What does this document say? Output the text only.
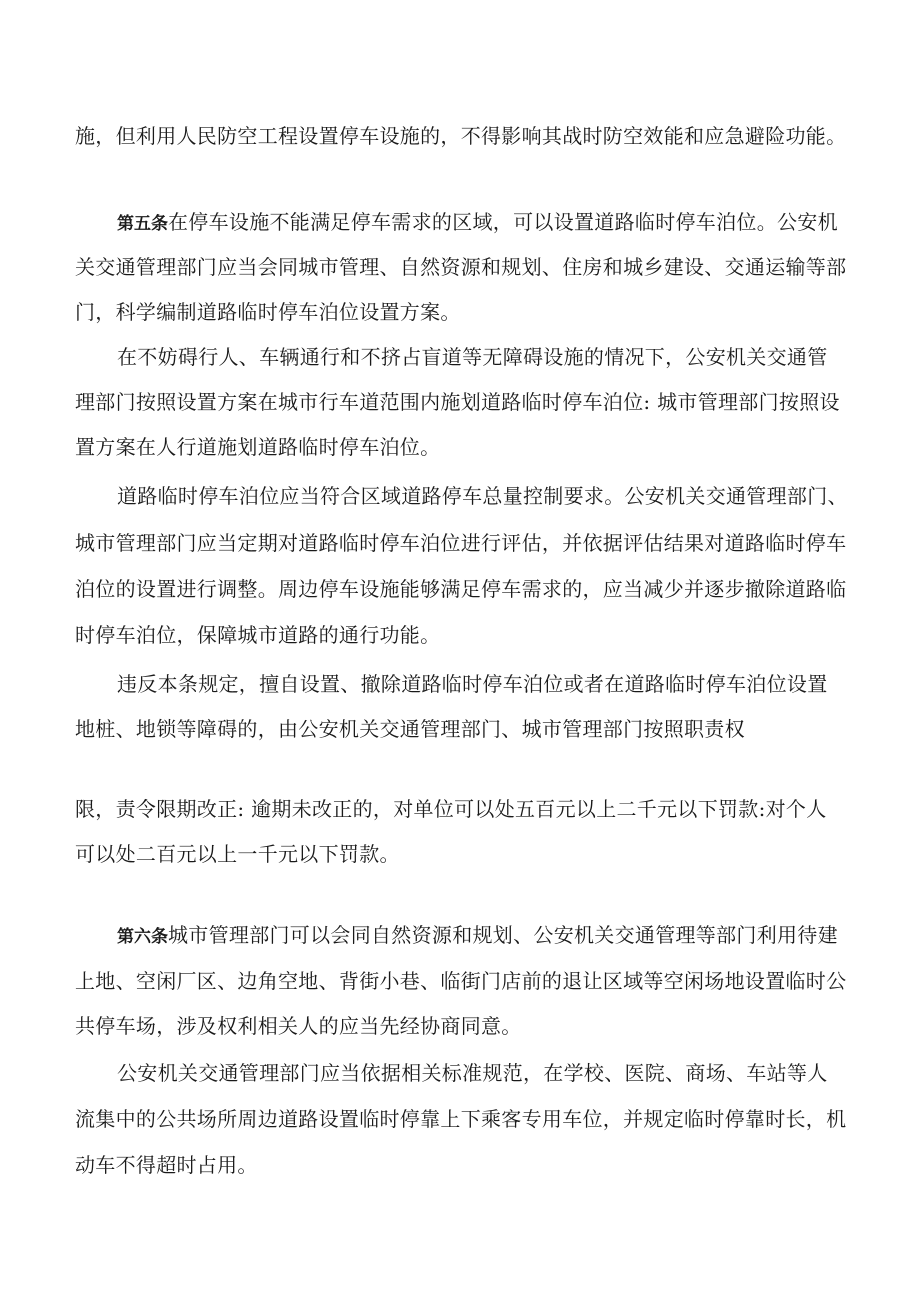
施，但利用人民防空工程设置停车设施的，不得影响其战时防空效能和应急避险功能。
第五条在停车设施不能满足停车需求的区域，可以设置道路临时停车泊位。公安机
关交通管理部门应当会同城市管理、自然资源和规划、住房和城乡建设、交通运输等部
门，科学编制道路临时停车泊位设置方案。
在不妨碍行人、车辆通行和不挤占盲道等无障碍设施的情况下，公安机关交通管
理部门按照设置方案在城市行车道范围内施划道路临时停车泊位: 城市管理部门按照设
置方案在人行道施划道路临时停车泊位。
道路临时停车泊位应当符合区域道路停车总量控制要求。公安机关交通管理部门、
城市管理部门应当定期对道路临时停车泊位进行评估，并依据评估结果对道路临时停车
泊位的设置进行调整。周边停车设施能够满足停车需求的，应当减少并逐步撤除道路临
时停车泊位，保障城市道路的通行功能。
违反本条规定，擅自设置、撤除道路临时停车泊位或者在道路临时停车泊位设置
地桩、地锁等障碍的，由公安机关交通管理部门、城市管理部门按照职责权
限，责令限期改正: 逾期未改正的，对单位可以处五百元以上二千元以下罚款:对个人
可以处二百元以上一千元以下罚款。
第六条城市管理部门可以会同自然资源和规划、公安机关交通管理等部门利用待建
上地、空闲厂区、边角空地、背街小巷、临街门店前的退让区域等空闲场地设置临时公
共停车场，涉及权利相关人的应当先经协商同意。
公安机关交通管理部门应当依据相关标准规范，在学校、医院、商场、车站等人
流集中的公共场所周边道路设置临时停靠上下乘客专用车位，并规定临时停靠时长，机
动车不得超时占用。
